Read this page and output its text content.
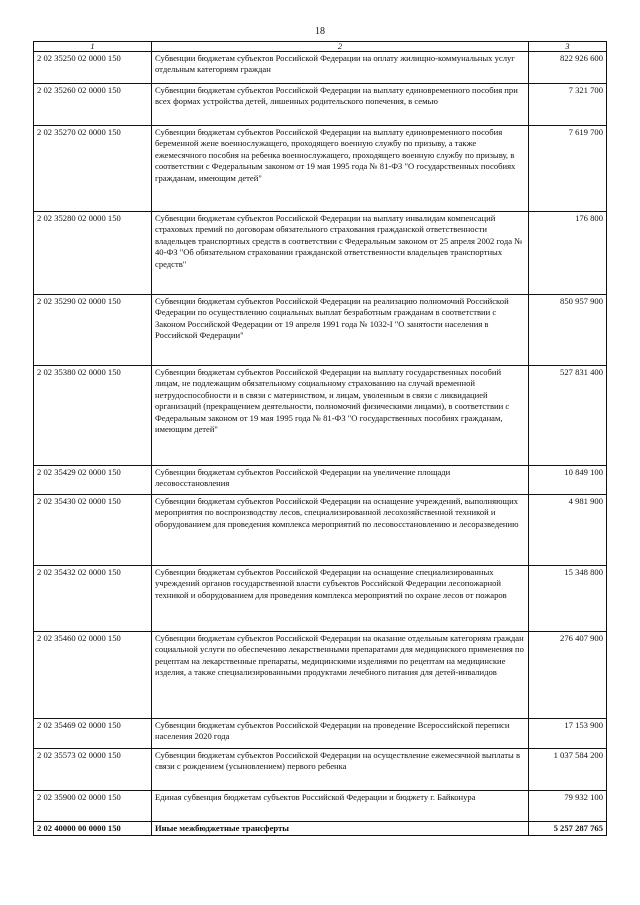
18
1	2	3
2 02 35250 02 0000 150	Субвенции бюджетам субъектов Российской Федерации на оплату жилищно-коммунальных услуг отдельным категориям граждан	822 926 600
2 02 35260 02 0000 150	Субвенции бюджетам субъектов Российской Федерации на выплату единовременного пособия при всех формах устройства детей, лишенных родительского попечения, в семью	7 321 700
2 02 35270 02 0000 150	Субвенции бюджетам субъектов Российской Федерации на выплату единовременного пособия беременной жене военнослужащего, проходящего военную службу по призыву, а также ежемесячного пособия на ребенка военнослужащего, проходящего военную службу по призыву, в соответствии с Федеральным законом от 19 мая 1995 года № 81-ФЗ "О государственных пособиях гражданам, имеющим детей"	7 619 700
2 02 35280 02 0000 150	Субвенции бюджетам субъектов Российской Федерации на выплату инвалидам компенсаций страховых премий по договорам обязательного страхования гражданской ответственности владельцев транспортных средств в соответствии с Федеральным законом от 25 апреля 2002 года № 40-ФЗ "Об обязательном страховании гражданской ответственности владельцев транспортных средств"	176 800
2 02 35290 02 0000 150	Субвенции бюджетам субъектов Российской Федерации на реализацию полномочий Российской Федерации по осуществлению социальных выплат безработным гражданам в соответствии с Законом Российской Федерации от 19 апреля 1991 года № 1032-I "О занятости населения в Российской Федерации"	850 957 900
2 02 35380 02 0000 150	Субвенции бюджетам субъектов Российской Федерации на выплату государственных пособий лицам, не подлежащим обязательному социальному страхованию на случай временной нетрудоспособности и в связи с материнством, и лицам, уволенным в связи с ликвидацией организаций (прекращением деятельности, полномочий физическими лицами), в соответствии с Федеральным законом от 19 мая 1995 года № 81-ФЗ "О государственных пособиях гражданам, имеющим детей"	527 831 400
2 02 35429 02 0000 150	Субвенции бюджетам субъектов Российской Федерации на увеличение площади лесовосстановления	10 849 100
2 02 35430 02 0000 150	Субвенции бюджетам субъектов Российской Федерации на оснащение учреждений, выполняющих мероприятия по воспроизводству лесов, специализированной лесохозяйственной техникой и оборудованием для проведения комплекса мероприятий по лесовосстановлению и лесоразведению	4 981 900
2 02 35432 02 0000 150	Субвенции бюджетам субъектов Российской Федерации на оснащение специализированных учреждений органов государственной власти субъектов Российской Федерации лесопожарной техникой и оборудованием для проведения комплекса мероприятий по охране лесов от пожаров	15 348 800
2 02 35460 02 0000 150	Субвенции бюджетам субъектов Российской Федерации на оказание отдельным категориям граждан социальной услуги по обеспечению лекарственными препаратами для медицинского применения по рецептам на лекарственные препараты, медицинскими изделиями по рецептам на медицинские изделия, а также специализированными продуктами лечебного питания для детей-инвалидов	276 407 900
2 02 35469 02 0000 150	Субвенции бюджетам субъектов Российской Федерации на проведение Всероссийской переписи населения 2020 года	17 153 900
2 02 35573 02 0000 150	Субвенции бюджетам субъектов Российской Федерации на осуществление ежемесячной выплаты в связи с рождением (усыновлением) первого ребенка	1 037 584 200
2 02 35900 02 0000 150	Единая субвенция бюджетам субъектов Российской Федерации и бюджету г. Байконура	79 932 100
2 02 40000 00 0000 150	Иные межбюджетные трансферты	5 257 287 765
